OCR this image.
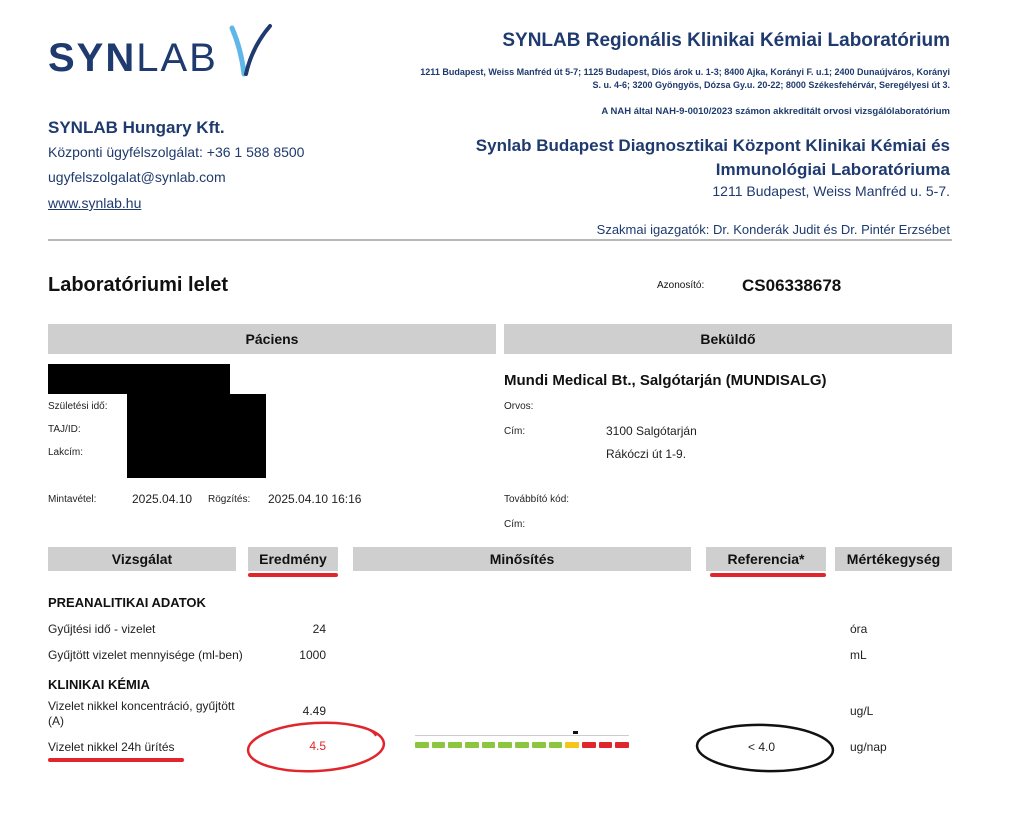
SYNLAB
SYNLAB Hungary Kft.
Központi ügyfélszolgálat: +36 1 588 8500
ugyfelszolgalat@synlab.com
www.synlab.hu
SYNLAB Regionális Klinikai Kémiai Laboratórium
1211 Budapest, Weiss Manfréd út 5-7; 1125 Budapest, Diós árok u. 1-3; 8400 Ajka, Korányi F. u.1; 2400 Dunaújváros, Korányi
S. u. 4-6; 3200 Gyöngyös, Dózsa Gy.u. 20-22; 8000 Székesfehérvár, Seregélyesi út 3.
A NAH által NAH-9-0010/2023 számon akkreditált orvosi vizsgálólaboratórium
Synlab Budapest Diagnosztikai Központ Klinikai Kémiai és
Immunológiai Laboratóriuma
1211 Budapest, Weiss Manfréd u. 5-7.
Szakmai igazgatók: Dr. Konderák Judit és Dr. Pintér Erzsébet
Laboratóriumi lelet	Azonosító: CS06338678
Páciens	Beküldő
Születési idő:
TAJ/ID:
Lakcím:
Mintavétel:	2025.04.10 Rögzítés: 2025.04.10 16:16
Mundi Medical Bt., Salgótarján (MUNDISALG)
Orvos:
Cím:	3100 Salgótarján
Rákóczi út 1-9.
Továbbító kód:
Cím:
Vizsgálat	Eredmény	Minősítés	Referencia*	Mértékegység
PREANALITIKAI ADATOK
Gyűjtési idő - vizelet	24	óra
Gyűjtött vizelet mennyisége (ml-ben)	1000	mL
KLINIKAI KÉMIA
Vizelet nikkel koncentráció, gyűjtött
(A)
4.49	ug/L
Vizelet nikkel 24h ürítés	4.5	< 4.0	ug/nap
